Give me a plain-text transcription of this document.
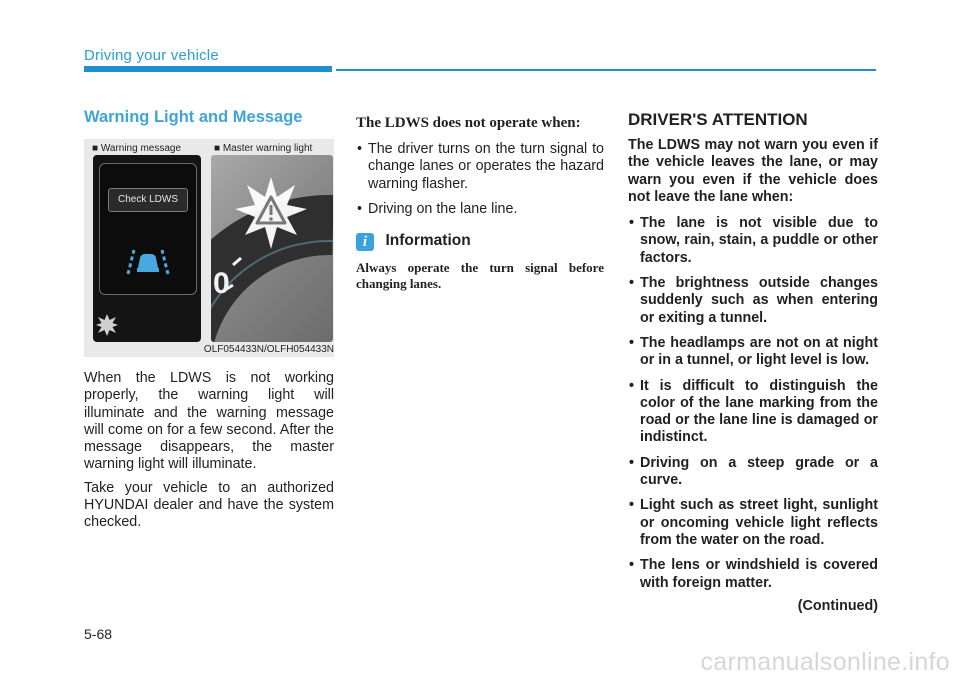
Driving your vehicle
Warning Light and Message
■ Warning message	■ Master warning light
Check LDWS
0
OLF054433N/OLFH054433N

When the LDWS is not working properly, the warning light will illuminate and the warning message will come on for a few second. After the message disappears, the master warning light will illuminate.

Take your vehicle to an authorized HYUNDAI dealer and have the system checked.

The LDWS does not operate when:
• The driver turns on the turn signal to change lanes or operates the hazard warning flasher.
• Driving on the lane line.
i Information

Always operate the turn signal before changing lanes.

DRIVER'S ATTENTION

The LDWS may not warn you even if the vehicle leaves the lane, or may warn you even if the vehicle does not leave the lane when:

• The lane is not visible due to snow, rain, stain, a puddle or other factors.
• The brightness outside changes suddenly such as when entering or exiting a tunnel.
• The headlamps are not on at night or in a tunnel, or light level is low.
• It is difficult to distinguish the color of the lane marking from the road or the lane line is damaged or indistinct.
• Driving on a steep grade or a curve.
• Light such as street light, sunlight or oncoming vehicle light reflects from the water on the road.
• The lens or windshield is covered with foreign matter.
(Continued)
5-68
carmanualsonline.info
